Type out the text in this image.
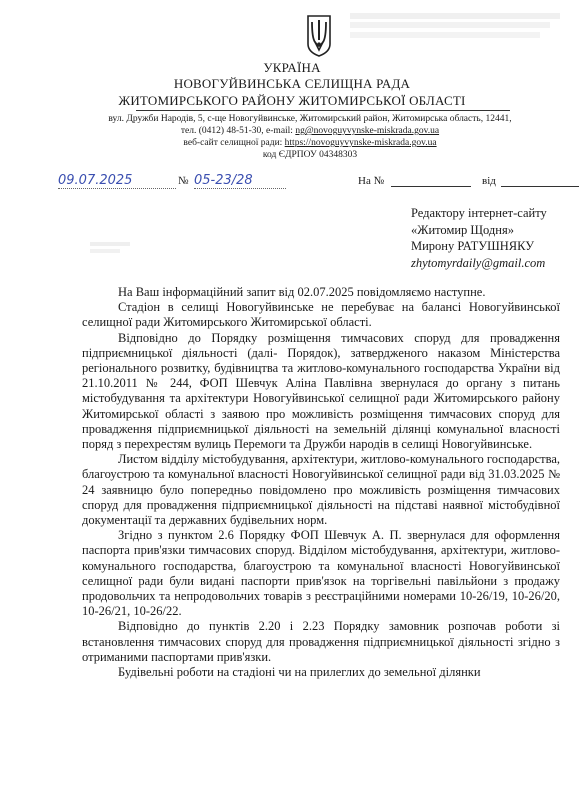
УКРАЇНА
НОВОГУЙВИНСЬКА СЕЛИЩНА РАДА
ЖИТОМИРСЬКОГО РАЙОНУ ЖИТОМИРСЬКОЇ ОБЛАСТІ
вул. Дружби Народів, 5, с-ще Новогуйвинське, Житомирський район, Житомирська область, 12441,
тел. (0412) 48-51-30, e-mail: ng@novoguyvynske-miskrada.gov.ua
веб-сайт селищної ради: https://novoguyvynske-miskrada.gov.ua
код ЄДРПОУ 04348303
09.07.2025	№ 05-23/28	На №	від
Редактору інтернет-сайту
«Житомир Щодня»
Мирону РАТУШНЯКУ
zhytomyrdaily@gmail.com

На Ваш інформаційний запит від 02.07.2025 повідомляємо наступне.

Стадіон в селищі Новогуйвинське не перебуває на балансі Новогуйвинської селищної ради Житомирського Житомирської області.

Відповідно до Порядку розміщення тимчасових споруд для провадження підприємницької діяльності (далі- Порядок), затвердженого наказом Міністерства регіонального розвитку, будівництва та житлово-комунального господарства України від 21.10.2011 № 244, ФОП Шевчук Аліна Павлівна звернулася до органу з питань містобудування та архітектури Новогуйвинської селищної ради Житомирського району Житомирської області з заявою про можливість розміщення тимчасових споруд для провадження підприємницької діяльності на земельній ділянці комунальної власності поряд з перехрестям вулиць Перемоги та Дружби народів в селищі Новогуйвинське.

Листом відділу містобудування, архітектури, житлово-комунального господарства, благоустрою та комунальної власності Новогуйвинської селищної ради від 31.03.2025 № 24 заявницю було попередньо повідомлено про можливість розміщення тимчасових споруд для провадження підприємницької діяльності на підставі наявної містобудівної документації та державних будівельних норм.

Згідно з пунктом 2.6 Порядку ФОП Шевчук А. П. звернулася для оформлення паспорта прив'язки тимчасових споруд. Відділом містобудування, архітектури, житлово-комунального господарства, благоустрою та комунальної власності Новогуйвинської селищної ради були видані паспорти прив'язок на торгівельні павільйони з продажу продовольчих та непродовольчих товарів з реєстраційними номерами 10-26/19, 10-26/20, 10-26/21, 10-26/22.

Відповідно до пунктів 2.20 і 2.23 Порядку замовник розпочав роботи зі встановлення тимчасових споруд для провадження підприємницької діяльності згідно з отриманими паспортами прив'язки.

Будівельні роботи на стадіоні чи на прилеглих до земельної ділянки
